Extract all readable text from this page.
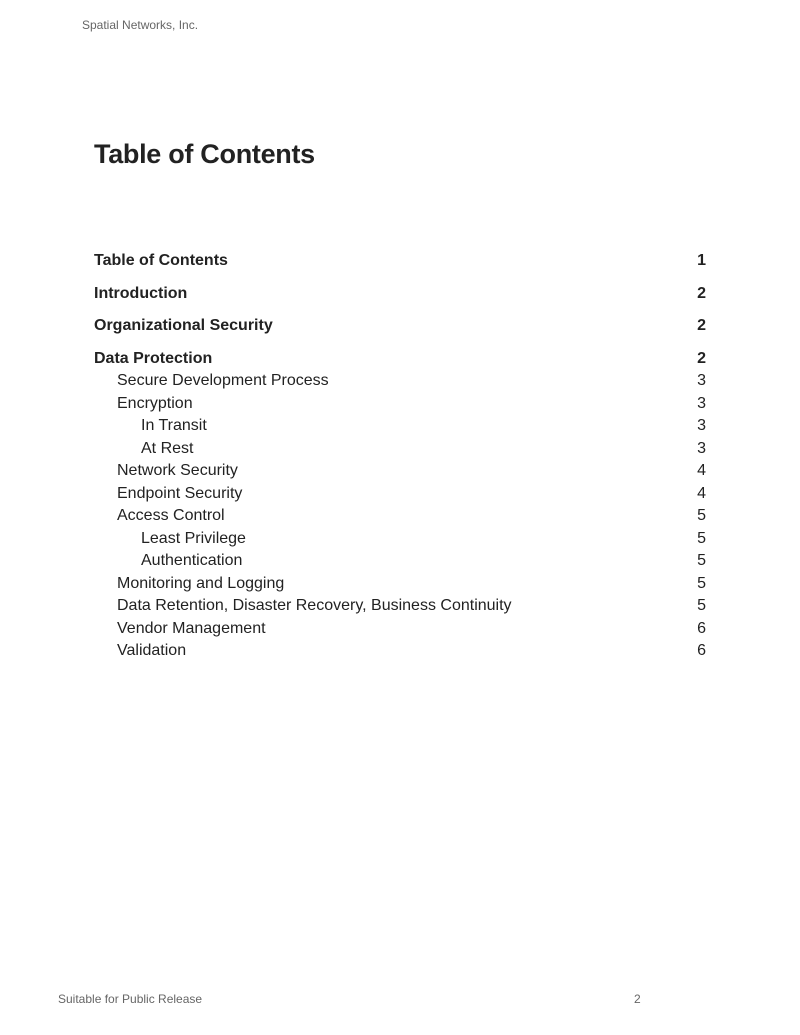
Spatial Networks, Inc.
Table of Contents
Table of Contents	1
Introduction	2
Organizational Security	2
Data Protection	2
Secure Development Process	3
Encryption	3
In Transit	3
At Rest	3
Network Security	4
Endpoint Security	4
Access Control	5
Least Privilege	5
Authentication	5
Monitoring and Logging	5
Data Retention, Disaster Recovery, Business Continuity	5
Vendor Management	6
Validation	6
Suitable for Public Release	2
